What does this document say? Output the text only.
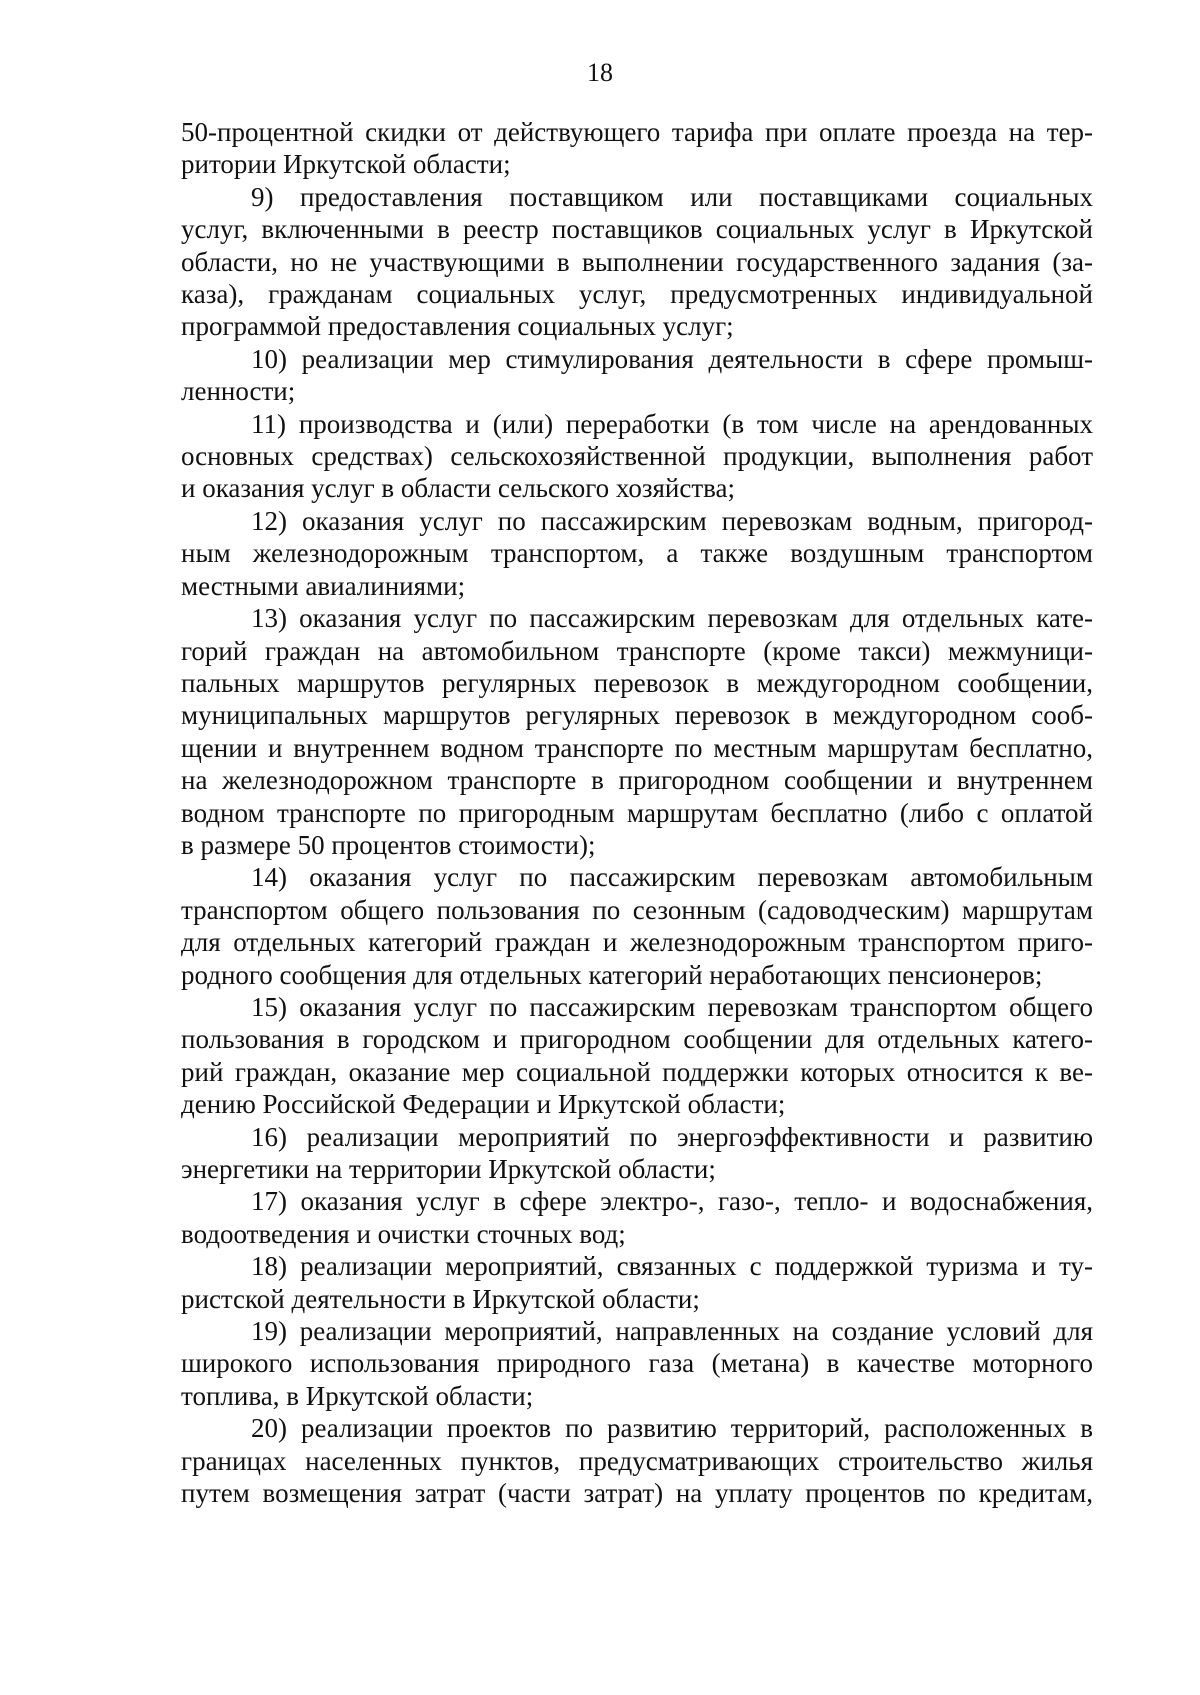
18
50-процентной скидки от действующего тарифа при оплате проезда на тер-
ритории Иркутской области;
9) предоставления поставщиком или поставщиками социальных
услуг, включенными в реестр поставщиков социальных услуг в Иркутской
области, но не участвующими в выполнении государственного задания (за-
каза), гражданам социальных услуг, предусмотренных индивидуальной
программой предоставления социальных услуг;
10) реализации мер стимулирования деятельности в сфере промыш-
ленности;
11) производства и (или) переработки (в том числе на арендованных
основных средствах) сельскохозяйственной продукции, выполнения работ
и оказания услуг в области сельского хозяйства;
12) оказания услуг по пассажирским перевозкам водным, пригород-
ным железнодорожным транспортом, а также воздушным транспортом
местными авиалиниями;
13) оказания услуг по пассажирским перевозкам для отдельных кате-
горий граждан на автомобильном транспорте (кроме такси) межмуници-
пальных маршрутов регулярных перевозок в междугородном сообщении,
муниципальных маршрутов регулярных перевозок в междугородном сооб-
щении и внутреннем водном транспорте по местным маршрутам бесплатно,
на железнодорожном транспорте в пригородном сообщении и внутреннем
водном транспорте по пригородным маршрутам бесплатно (либо с оплатой
в размере 50 процентов стоимости);
14) оказания услуг по пассажирским перевозкам автомобильным
транспортом общего пользования по сезонным (садоводческим) маршрутам
для отдельных категорий граждан и железнодорожным транспортом приго-
родного сообщения для отдельных категорий неработающих пенсионеров;
15) оказания услуг по пассажирским перевозкам транспортом общего
пользования в городском и пригородном сообщении для отдельных катего-
рий граждан, оказание мер социальной поддержки которых относится к ве-
дению Российской Федерации и Иркутской области;
16) реализации мероприятий по энергоэффективности и развитию
энергетики на территории Иркутской области;
17) оказания услуг в сфере электро-, газо-, тепло- и водоснабжения,
водоотведения и очистки сточных вод;
18) реализации мероприятий, связанных с поддержкой туризма и ту-
ристской деятельности в Иркутской области;
19) реализации мероприятий, направленных на создание условий для
широкого использования природного газа (метана) в качестве моторного
топлива, в Иркутской области;
20) реализации проектов по развитию территорий, расположенных в
границах населенных пунктов, предусматривающих строительство жилья
путем возмещения затрат (части затрат) на уплату процентов по кредитам,
